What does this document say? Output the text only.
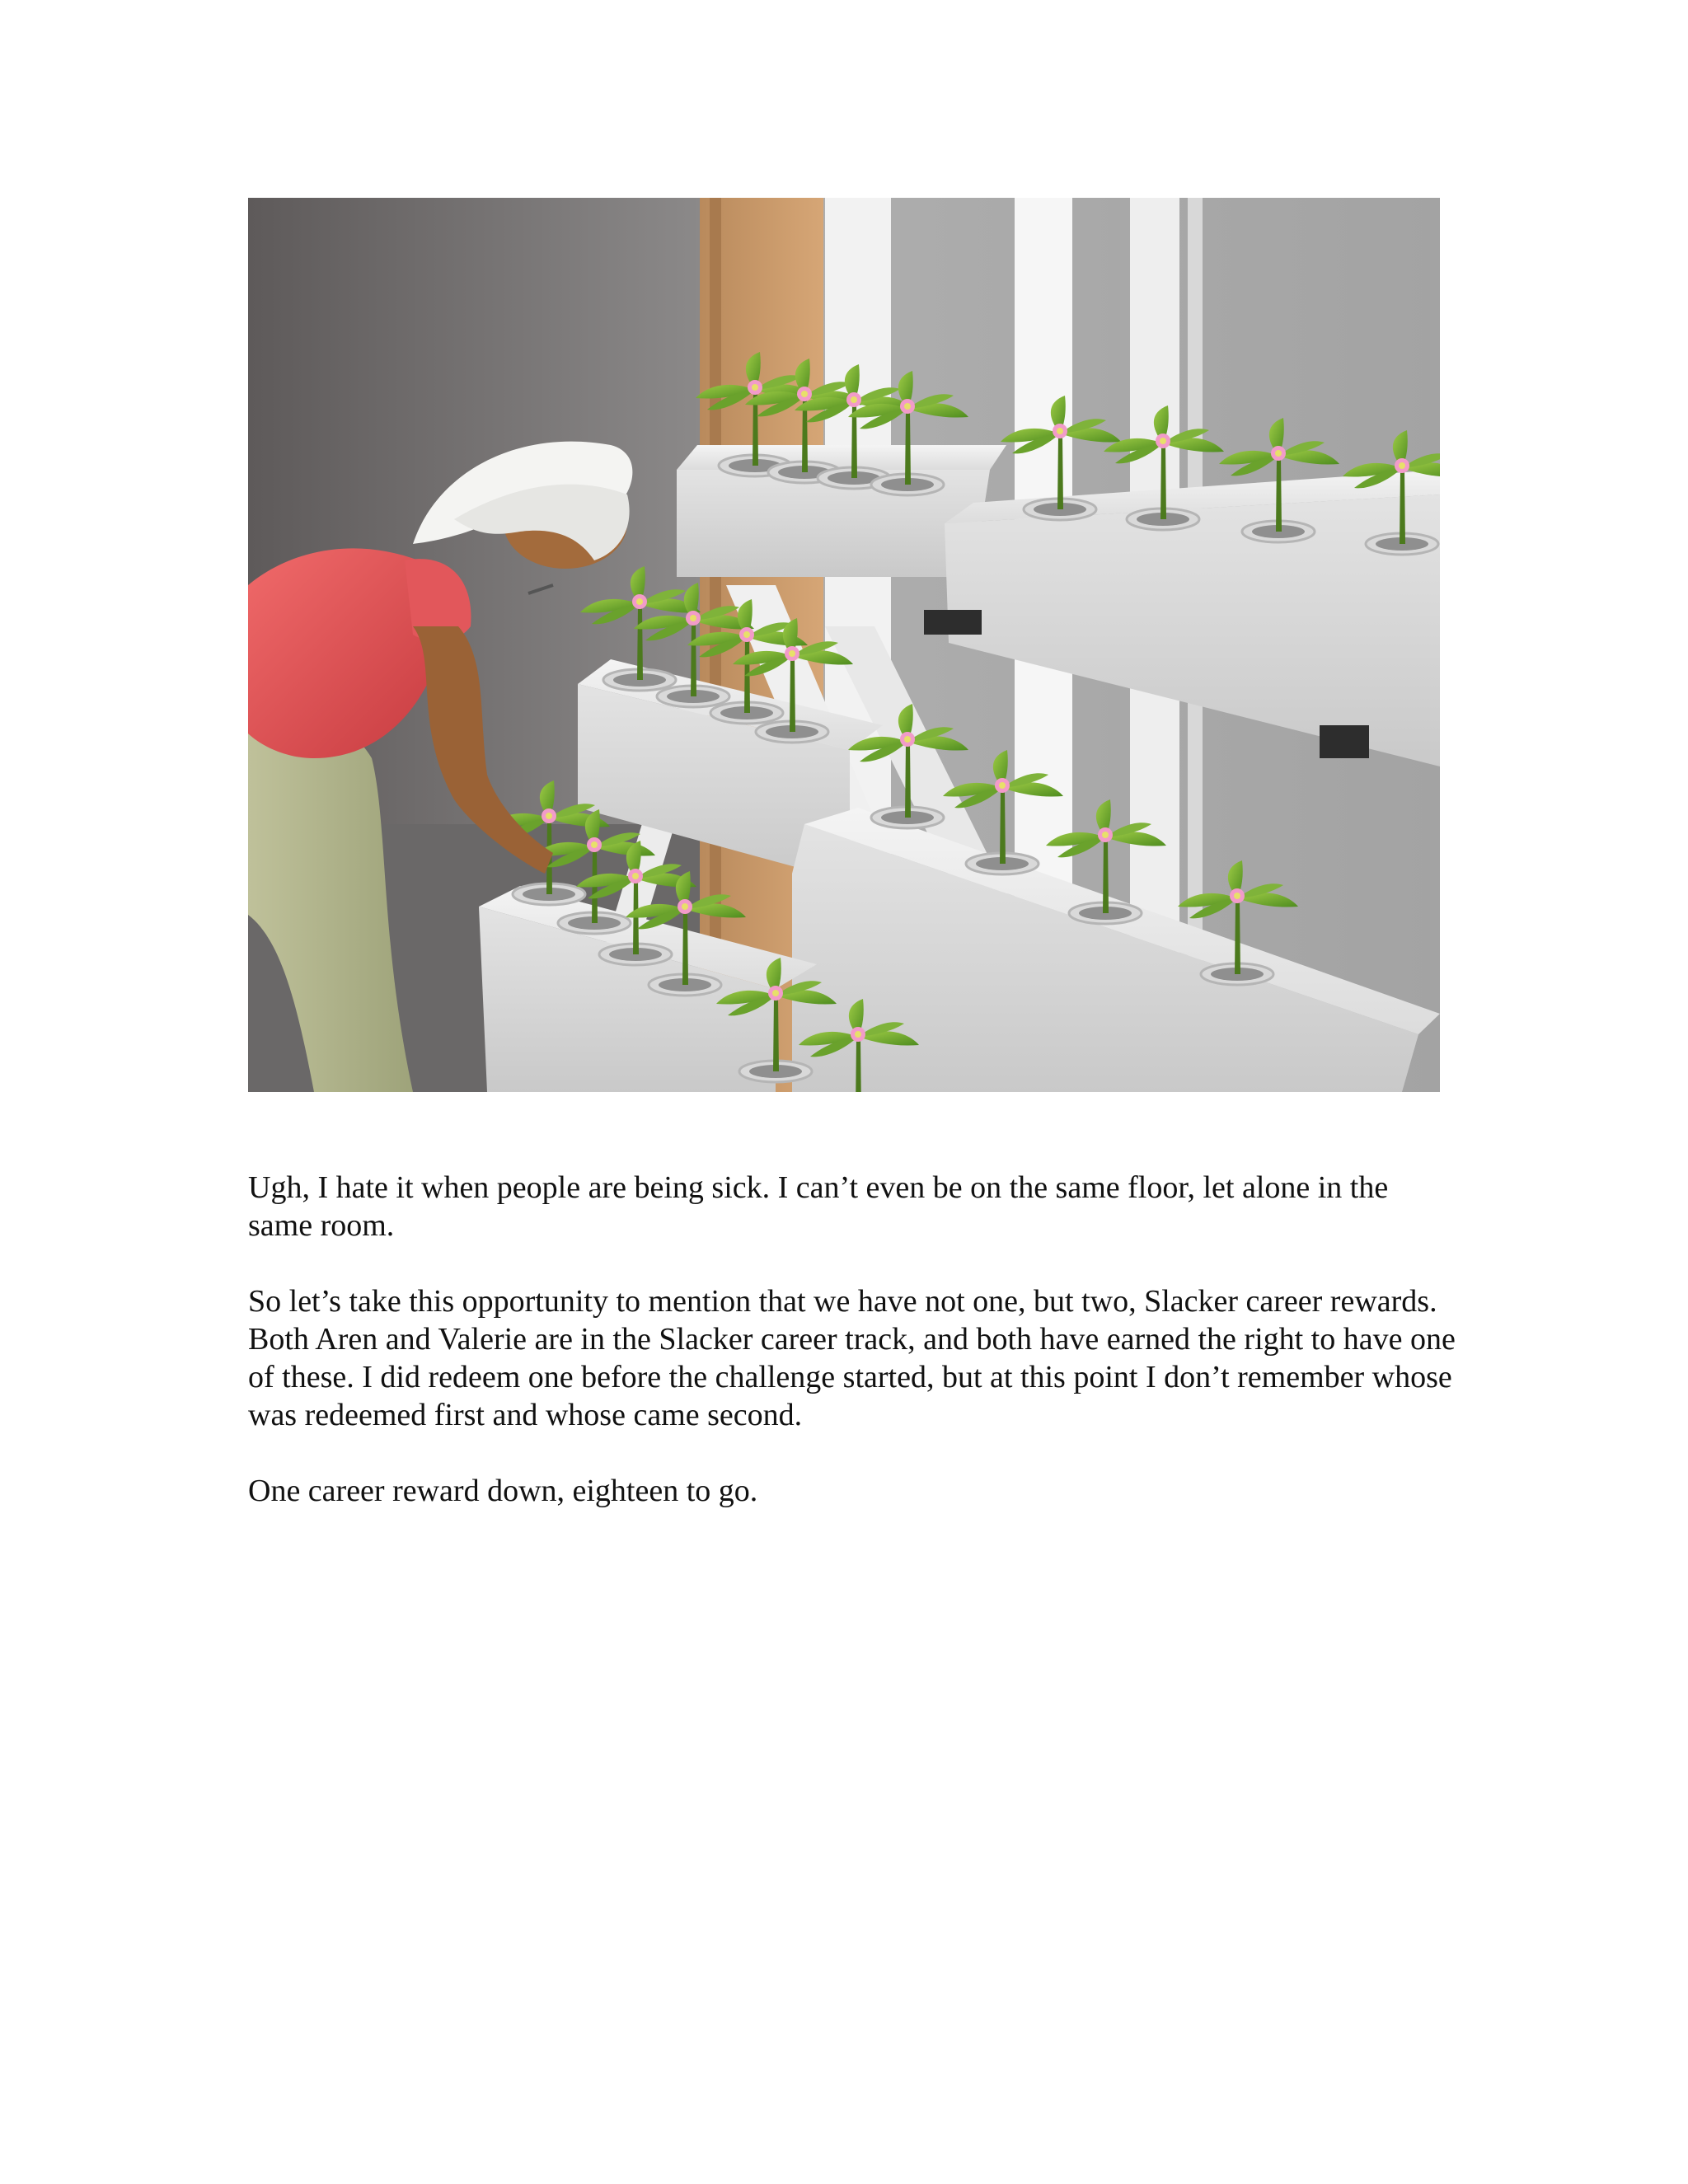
Ugh, I hate it when people are being sick. I can’t even be on the same floor, let alone in the same room.

So let’s take this opportunity to mention that we have not one, but two, Slacker career rewards. Both Aren and Valerie are in the Slacker career track, and both have earned the right to have one of these. I did redeem one before the challenge started, but at this point I don’t remember whose was redeemed first and whose came second.

One career reward down, eighteen to go.
